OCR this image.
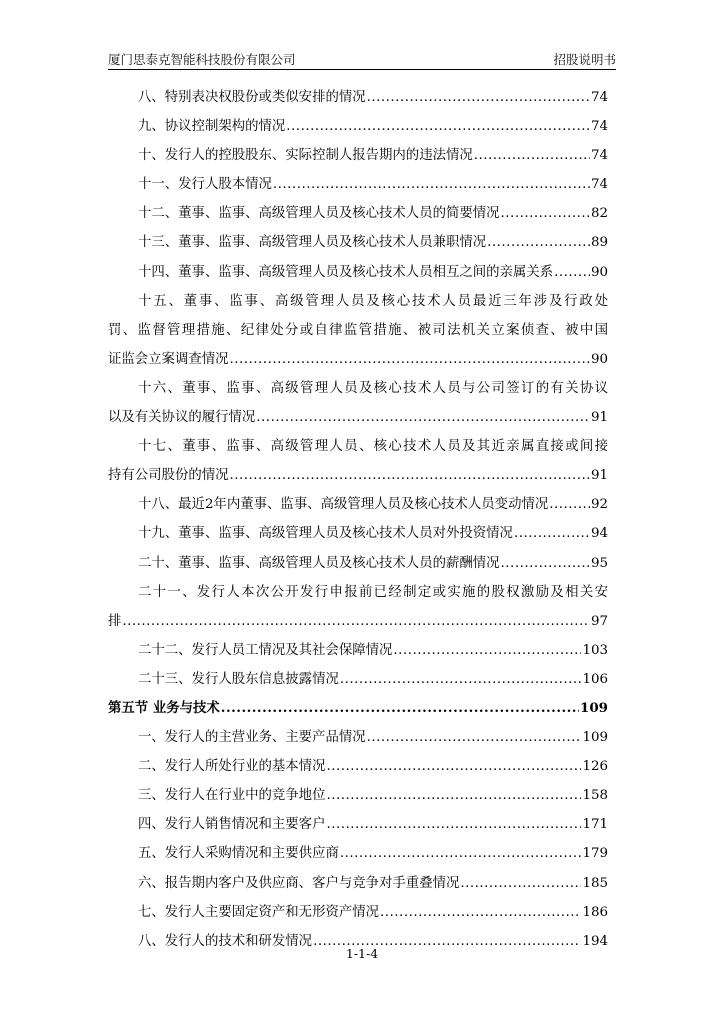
厦门思泰克智能科技股份有限公司	招股说明书
八、特别表决权股份或类似安排的情况 .....	74
九、协议控制架构的情况 .....	74
十、发行人的控股股东、实际控制人报告期内的违法情况 .....	74
十一、发行人股本情况 .....	74
十二、董事、监事、高级管理人员及核心技术人员的简要情况 .....	82
十三、董事、监事、高级管理人员及核心技术人员兼职情况 .....	89
十四、董事、监事、高级管理人员及核心技术人员相互之间的亲属关系 .....	90
十五、董事、监事、高级管理人员及核心技术人员最近三年涉及行政处
罚、监督管理措施、纪律处分或自律监管措施、被司法机关立案侦查、被中国
证监会立案调查情况 .....	90
十六、董事、监事、高级管理人员及核心技术人员与公司签订的有关协议
以及有关协议的履行情况 .....	91
十七、董事、监事、高级管理人员、核心技术人员及其近亲属直接或间接
持有公司股份的情况 .....	91
十八、最近2年内董事、监事、高级管理人员及核心技术人员变动情况 .....	92
十九、董事、监事、高级管理人员及核心技术人员对外投资情况 .....	94
二十、董事、监事、高级管理人员及核心技术人员的薪酬情况 .....	95
二十一、发行人本次公开发行申报前已经制定或实施的股权激励及相关安
排 .....	97
二十二、发行人员工情况及其社会保障情况 .....	103
二十三、发行人股东信息披露情况 .....	106
第五节 业务与技术 .....	109
一、发行人的主营业务、主要产品情况 .....	109
二、发行人所处行业的基本情况 .....	126
三、发行人在行业中的竞争地位 .....	158
四、发行人销售情况和主要客户 .....	171
五、发行人采购情况和主要供应商 .....	179
六、报告期内客户及供应商、客户与竞争对手重叠情况 .....	185
七、发行人主要固定资产和无形资产情况 .....	186
八、发行人的技术和研发情况 .....	194
1-1-4
